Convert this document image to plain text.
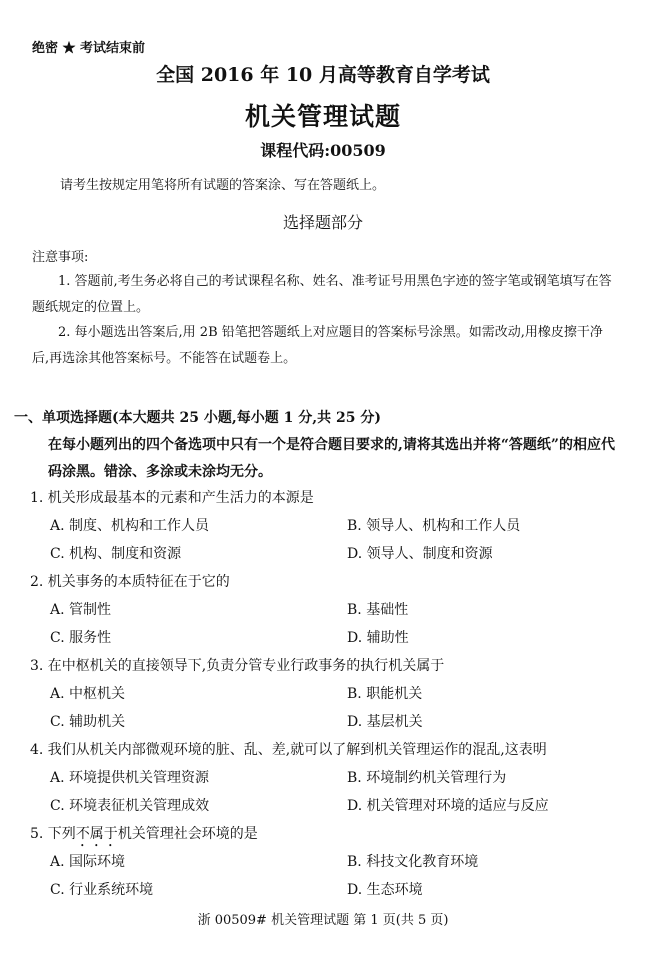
绝密 ★ 考试结束前
全国 2016 年 10 月高等教育自学考试
机关管理试题
课程代码:00509
请考生按规定用笔将所有试题的答案涂、写在答题纸上。
选择题部分
注意事项:
1. 答题前,考生务必将自己的考试课程名称、姓名、准考证号用黑色字迹的签字笔或钢笔填写在答题纸规定的位置上。
2. 每小题选出答案后,用 2B 铅笔把答题纸上对应题目的答案标号涂黑。如需改动,用橡皮擦干净后,再选涂其他答案标号。不能答在试题卷上。
一、单项选择题(本大题共 25 小题,每小题 1 分,共 25 分)
在每小题列出的四个备选项中只有一个是符合题目要求的,请将其选出并将“答题纸”的相应代码涂黑。错涂、多涂或未涂均无分。
1. 机关形成最基本的元素和产生活力的本源是
A. 制度、机构和工作人员	B. 领导人、机构和工作人员
C. 机构、制度和资源	D. 领导人、制度和资源
2. 机关事务的本质特征在于它的
A. 管制性	B. 基础性
C. 服务性	D. 辅助性
3. 在中枢机关的直接领导下,负责分管专业行政事务的执行机关属于
A. 中枢机关	B. 职能机关
C. 辅助机关	D. 基层机关
4. 我们从机关内部微观环境的脏、乱、差,就可以了解到机关管理运作的混乱,这表明
A. 环境提供机关管理资源	B. 环境制约机关管理行为
C. 环境表征机关管理成效	D. 机关管理对环境的适应与反应
5. 下列不属于机关管理社会环境的是
A. 国际环境	B. 科技文化教育环境
C. 行业系统环境	D. 生态环境
浙 00509# 机关管理试题 第 1 页(共 5 页)
